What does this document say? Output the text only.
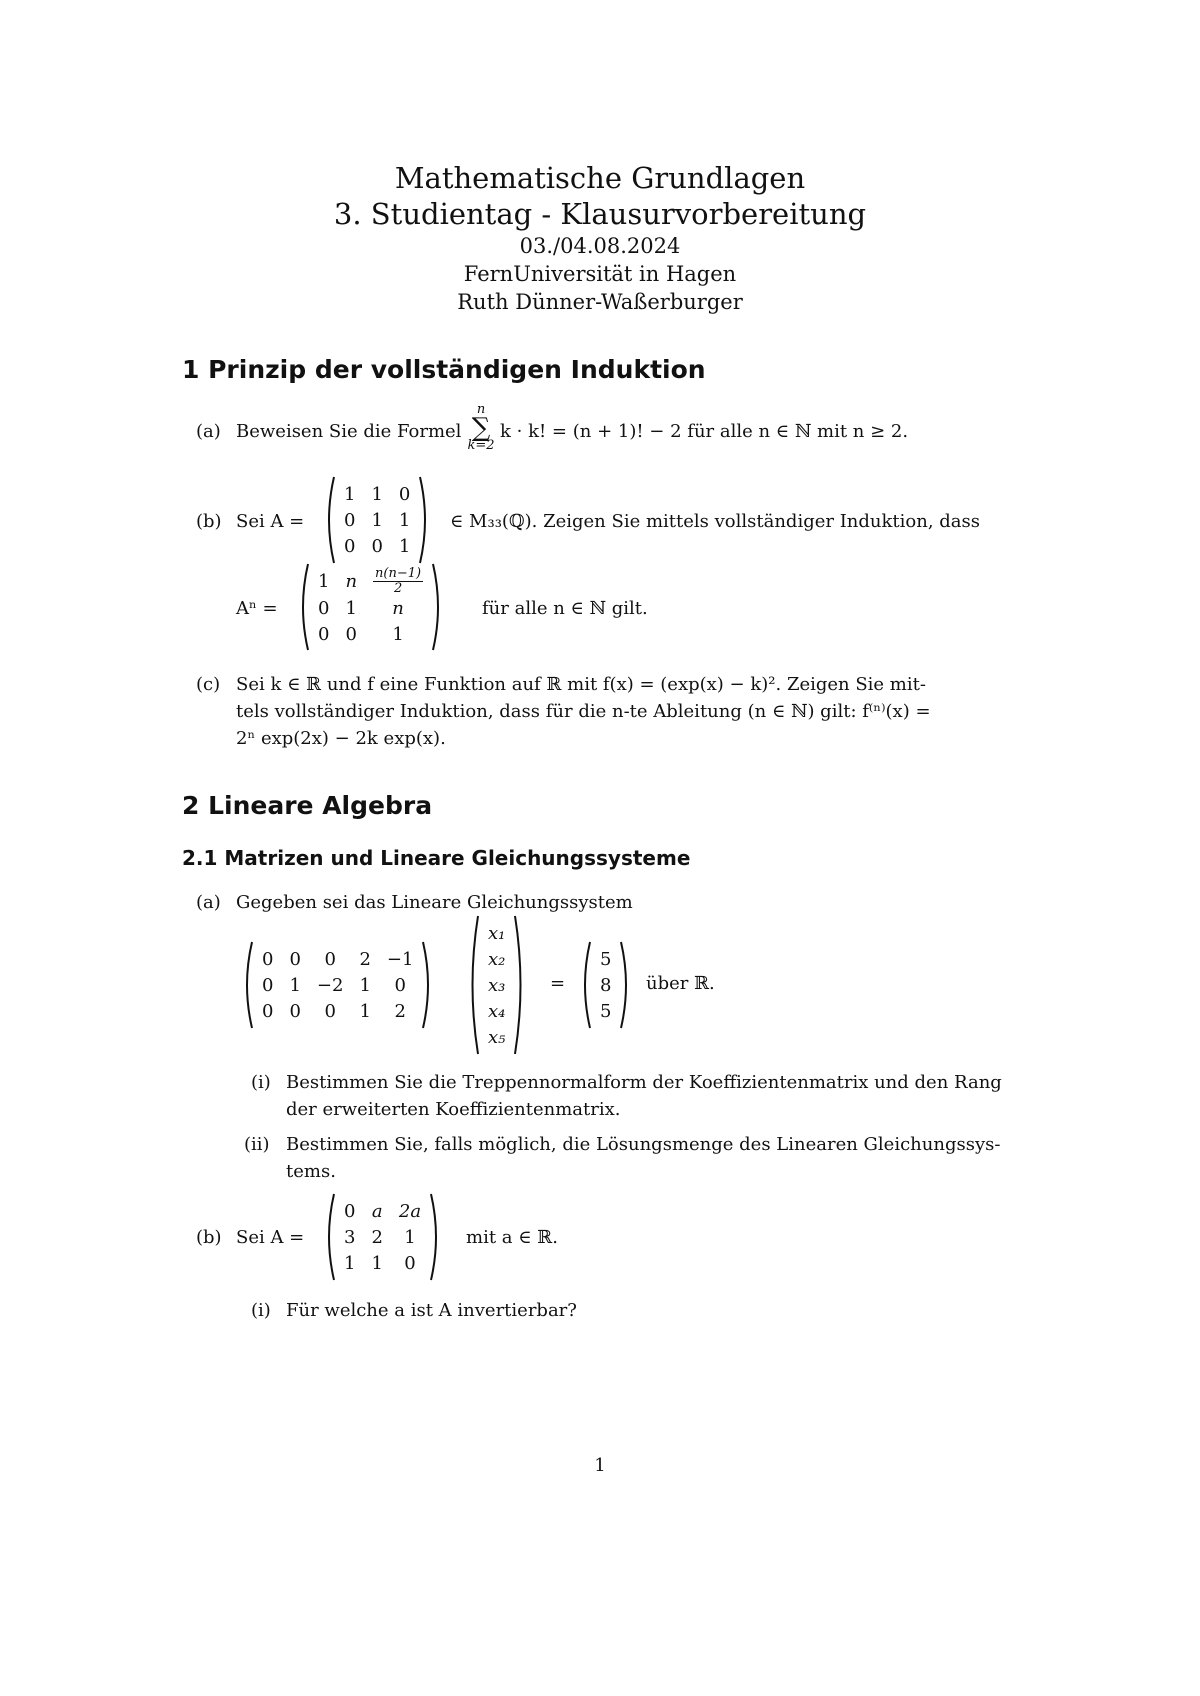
Mathematische Grundlagen
3. Studientag - Klausurvorbereitung
03./04.08.2024
FernUniversität in Hagen
Ruth Dünner-Waßerburger
1 Prinzip der vollständigen Induktion
(a) Beweisen Sie die Formel
n
∑
k=2
k · k! = (n + 1)! − 2 für alle n ∈ ℕ mit n ≥ 2.
(b) Sei A =
1	1	0
0	1	1
0	0	1
∈ M₃₃(ℚ). Zeigen Sie mittels vollständiger Induktion, dass
Aⁿ =
1	n	$\frac{n(n-1)}{2}$

0	1	n
0	0	1
für alle n ∈ ℕ gilt.
(c) Sei k ∈ ℝ und f eine Funktion auf ℝ mit f(x) = (exp(x) − k)². Zeigen Sie mit-
tels vollständiger Induktion, dass für die n-te Ableitung (n ∈ ℕ) gilt: f⁽ⁿ⁾(x) =
2ⁿ exp(2x) − 2k exp(x).
2 Lineare Algebra
2.1 Matrizen und Lineare Gleichungssysteme
(a) Gegeben sei das Lineare Gleichungssystem
0	0	0	2	−1
0	1	−2	1	0
0	0	0	1	2
x₁
x₂
x₃
x₄
x₅
=
5
8
5
über ℝ.
(i) Bestimmen Sie die Treppennormalform der Koeffizientenmatrix und den Rang
der erweiterten Koeffizientenmatrix.
(ii) Bestimmen Sie, falls möglich, die Lösungsmenge des Linearen Gleichungssys-
tems.
(b) Sei A =
0	a	2a
3	2	1
1	1	0
mit a ∈ ℝ.
(i) Für welche a ist A invertierbar?
1
